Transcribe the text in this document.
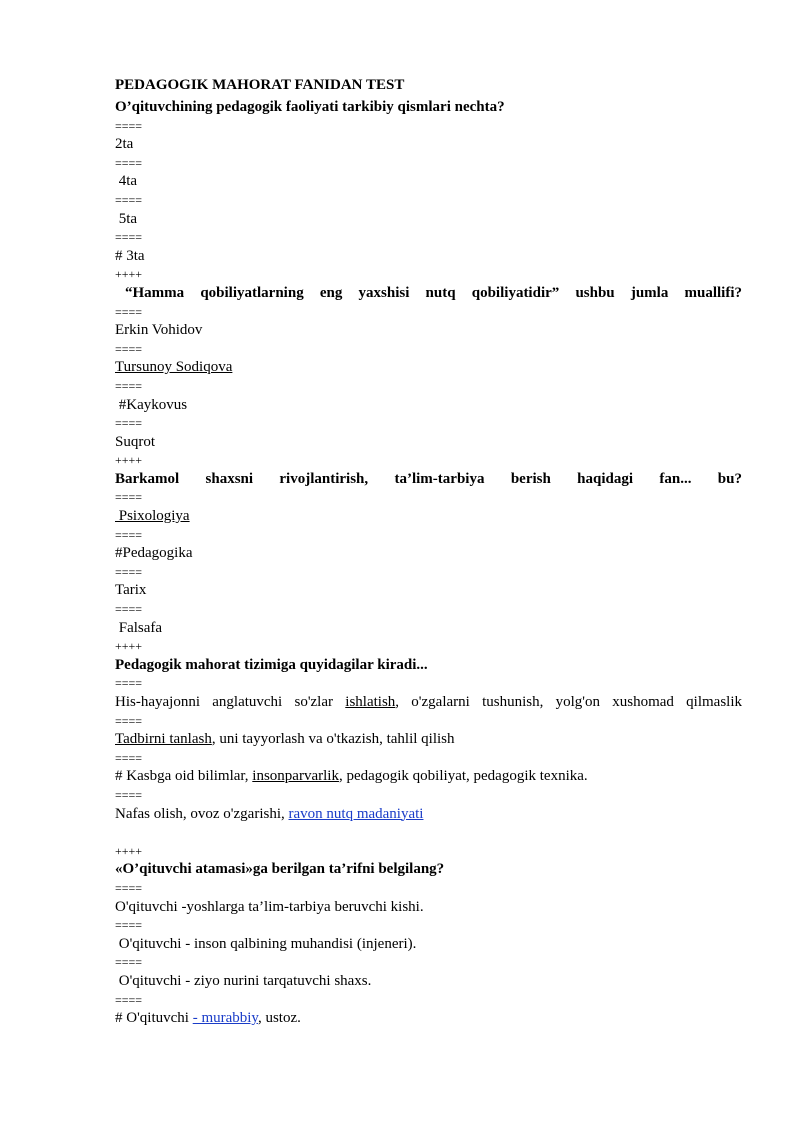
PEDAGOGIK MAHORAT FANIDAN TEST
O’qituvchining pedagogik faoliyati tarkibiy qismlari nechta?
====
2ta
====
4ta
====
5ta
====
# 3ta
++++
“Hamma qobiliyatlarning eng yaxshisi nutq qobiliyatidir” ushbu jumla muallifi?
====
Erkin Vohidov
====
Tursunoy Sodiqova
====
#Kaykovus
====
Suqrot
++++
Barkamol shaxsni rivojlantirish, ta’lim-tarbiya berish haqidagi fan... bu?
====
Psixologiya
====
#Pedagogika
====
Tarix
====
Falsafa
++++
Pedagogik mahorat tizimiga quyidagilar kiradi...
====
His-hayajonni anglatuvchi so'zlar ishlatish, o'zgalarni tushunish, yolg'on xushomad qilmaslik
====
Tadbirni tanlash, uni tayyorlash va o'tkazish, tahlil qilish
====
# Kasbga oid bilimlar, insonparvarlik, pedagogik qobiliyat, pedagogik texnika.
====
Nafas olish, ovoz o'zgarishi, ravon nutq madaniyati
++++
«O’qituvchi atamasi»ga berilgan ta’rifni belgilang?
====
O'qituvchi -yoshlarga ta’lim-tarbiya beruvchi kishi.
====
O'qituvchi - inson qalbining muhandisi (injeneri).
====
O'qituvchi - ziyo nurini tarqatuvchi shaxs.
====
# O'qituvchi - murabbiy, ustoz.
